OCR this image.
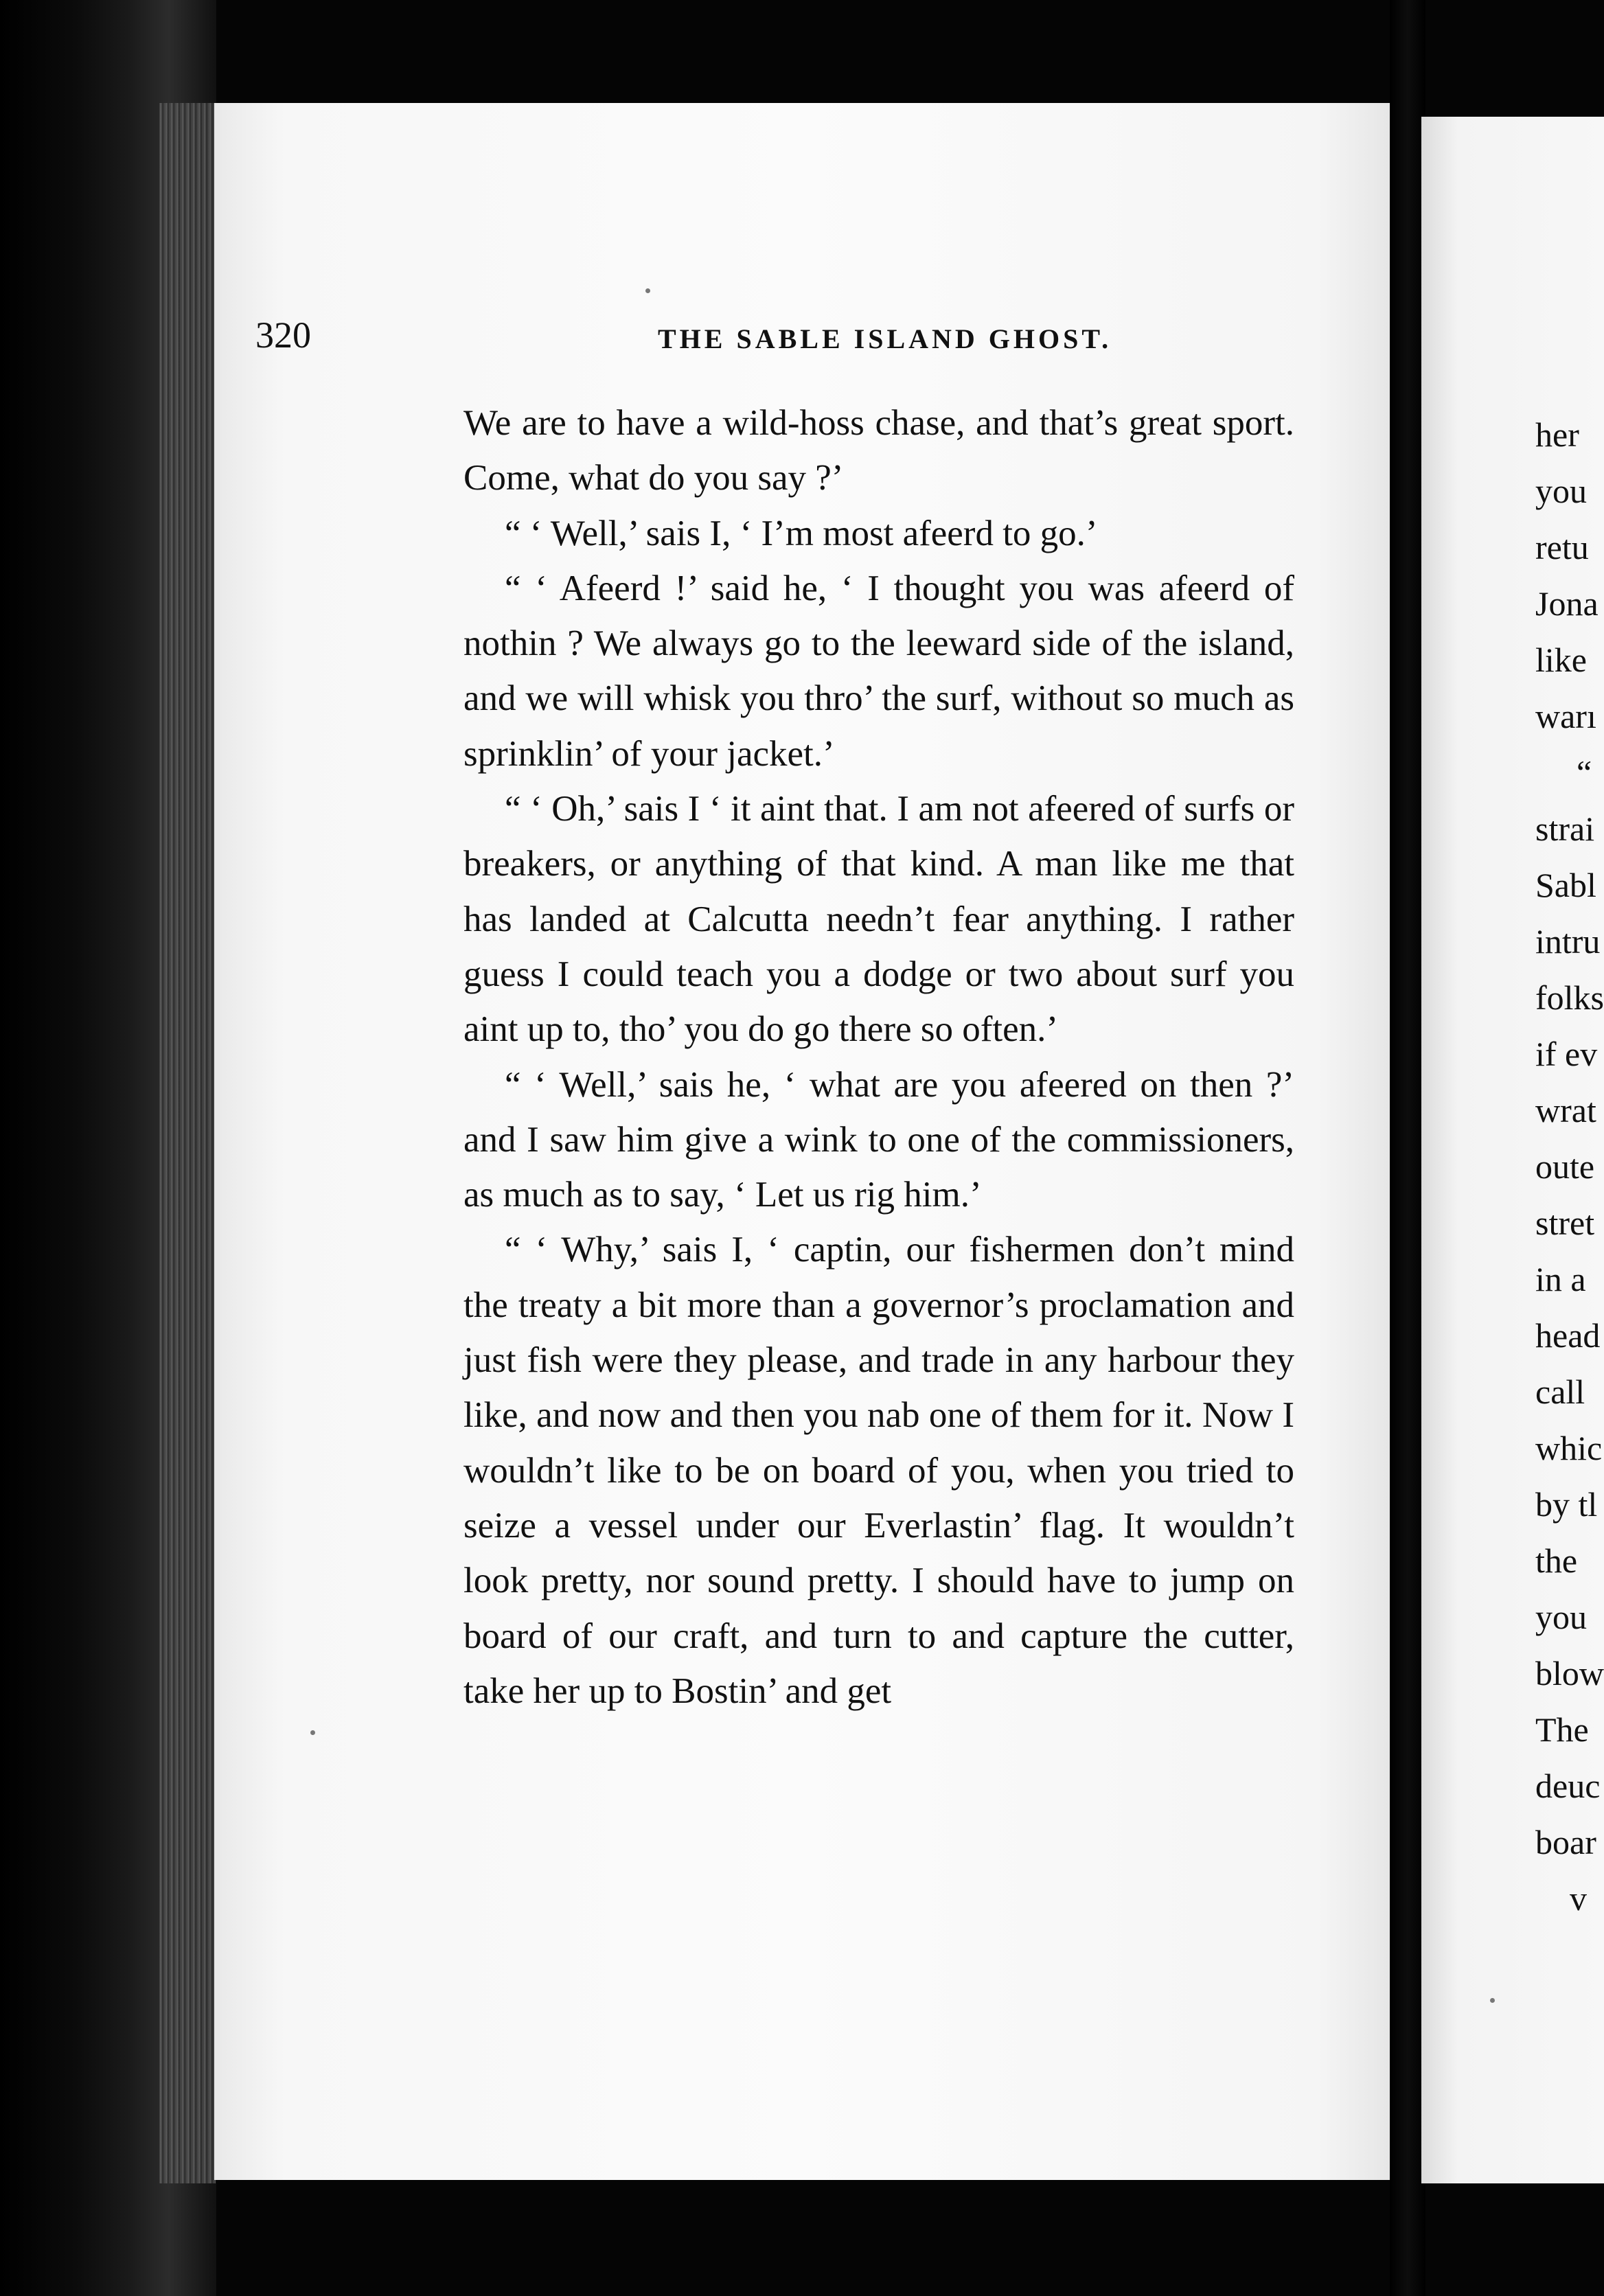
320	THE SABLE ISLAND GHOST.

We are to have a wild-hoss chase, and that’s great sport. Come, what do you say ?’

“ ‘ Well,’ sais I, ‘ I’m most afeerd to go.’

“ ‘ Afeerd !’ said he, ‘ I thought you was afeerd of nothin ? We always go to the leeward side of the island, and we will whisk you thro’ the surf, without so much as sprinklin’ of your jacket.’

“ ‘ Oh,’ sais I ‘ it aint that. I am not afeered of surfs or breakers, or anything of that kind. A man like me that has landed at Calcutta needn’t fear anything. I rather guess I could teach you a dodge or two about surf you aint up to, tho’ you do go there so often.’

“ ‘ Well,’ sais he, ‘ what are you afeered on then ?’ and I saw him give a wink to one of the commissioners, as much as to say, ‘ Let us rig him.’

“ ‘ Why,’ sais I, ‘ captin, our fishermen don’t mind the treaty a bit more than a governor’s proclamation and just fish were they please, and trade in any harbour they like, and now and then you nab one of them for it. Now I wouldn’t like to be on board of you, when you tried to seize a vessel under our Everlastin’ flag. It wouldn’t look pretty, nor sound pretty. I should have to jump on board of our craft, and turn to and capture the cutter, take her up to Bostin’ and get

her
you
retu
Jona
like
warı
“
strai
Sabl
intru
folks
if ev
wrat
oute
stret
in a
head
call
whic
by tl
the
you
blow
The
deuc
boar
v
